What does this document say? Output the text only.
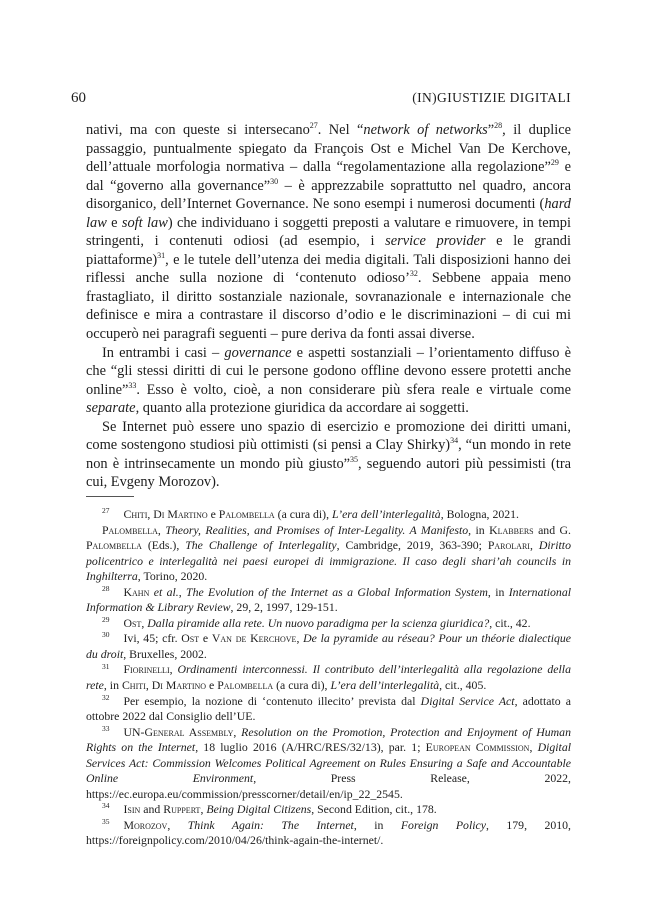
60	(IN)GIUSTIZIE DIGITALI

nativi, ma con queste si intersecano$^{27}$. Nel “network of networks”$^{28}$, il duplice passaggio, puntualmente spiegato da François Ost e Michel Van De Kerchove, dell’attuale morfologia normativa – dalla “regolamentazione alla regolazione”$^{29}$ e dal “governo alla governance”$^{30}$ – è apprezzabile soprattutto nel quadro, ancora disorganico, dell’Internet Governance. Ne sono esempi i numerosi documenti (hard law e soft law) che individuano i soggetti preposti a valutare e rimuovere, in tempi stringenti, i contenuti odiosi (ad esempio, i service provider e le grandi piattaforme)$^{31}$, e le tutele dell’utenza dei media digitali. Tali disposizioni hanno dei riflessi anche sulla nozione di ‘contenuto odioso’$^{32}$. Sebbene appaia meno frastagliato, il diritto sostanziale nazionale, sovranazionale e internazionale che definisce e mira a contrastare il discorso d’odio e le discriminazioni – di cui mi occuperò nei paragrafi seguenti – pure deriva da fonti assai diverse.

In entrambi i casi – governance e aspetti sostanziali – l’orientamento diffuso è che “gli stessi diritti di cui le persone godono offline devono essere protetti anche online”$^{33}$. Esso è volto, cioè, a non considerare più sfera reale e virtuale come separate, quanto alla protezione giuridica da accordare ai soggetti.

Se Internet può essere uno spazio di esercizio e promozione dei diritti umani, come sostengono studiosi più ottimisti (si pensi a Clay Shirky)$^{34}$, “un mondo in rete non è intrinsecamente un mondo più giusto”$^{35}$, seguendo autori più pessimisti (tra cui, Evgeny Morozov).

$^{27}$ Chiti, Di Martino e Palombella (a cura di), L’era dell’interlegalità, Bologna, 2021.

Palombella, Theory, Realities, and Promises of Inter-Legality. A Manifesto, in Klabbers and G. Palombella (Eds.), The Challenge of Interlegality, Cambridge, 2019, 363-390; Parolari, Diritto policentrico e interlegalità nei paesi europei di immigrazione. Il caso degli shari’ah councils in Inghilterra, Torino, 2020.

$^{28}$ Kahn et al., The Evolution of the Internet as a Global Information System, in International Information & Library Review, 29, 2, 1997, 129-151.

$^{29}$ Ost, Dalla piramide alla rete. Un nuovo paradigma per la scienza giuridica?, cit., 42.

$^{30}$ Ivi, 45; cfr. Ost e Van de Kerchove, De la pyramide au réseau? Pour un théorie dialectique du droit, Bruxelles, 2002.

$^{31}$ Fiorinelli, Ordinamenti interconnessi. Il contributo dell’interlegalità alla regolazione della rete, in Chiti, Di Martino e Palombella (a cura di), L’era dell’interlegalità, cit., 405.

$^{32}$ Per esempio, la nozione di ‘contenuto illecito’ prevista dal Digital Service Act, adottato a ottobre 2022 dal Consiglio dell’UE.

$^{33}$ UN-General Assembly, Resolution on the Promotion, Protection and Enjoyment of Human Rights on the Internet, 18 luglio 2016 (A/HRC/RES/32/13), par. 1; European Commission, Digital Services Act: Commission Welcomes Political Agreement on Rules Ensuring a Safe and Accountable Online Environment, Press Release, 2022, https://ec.europa.eu/commission/presscorner/detail/en/ip_22_2545.

$^{34}$ Isin and Ruppert, Being Digital Citizens, Second Edition, cit., 178.

$^{35}$ Morozov, Think Again: The Internet, in Foreign Policy, 179, 2010, https://foreignpolicy.com/2010/04/26/think-again-the-internet/.
